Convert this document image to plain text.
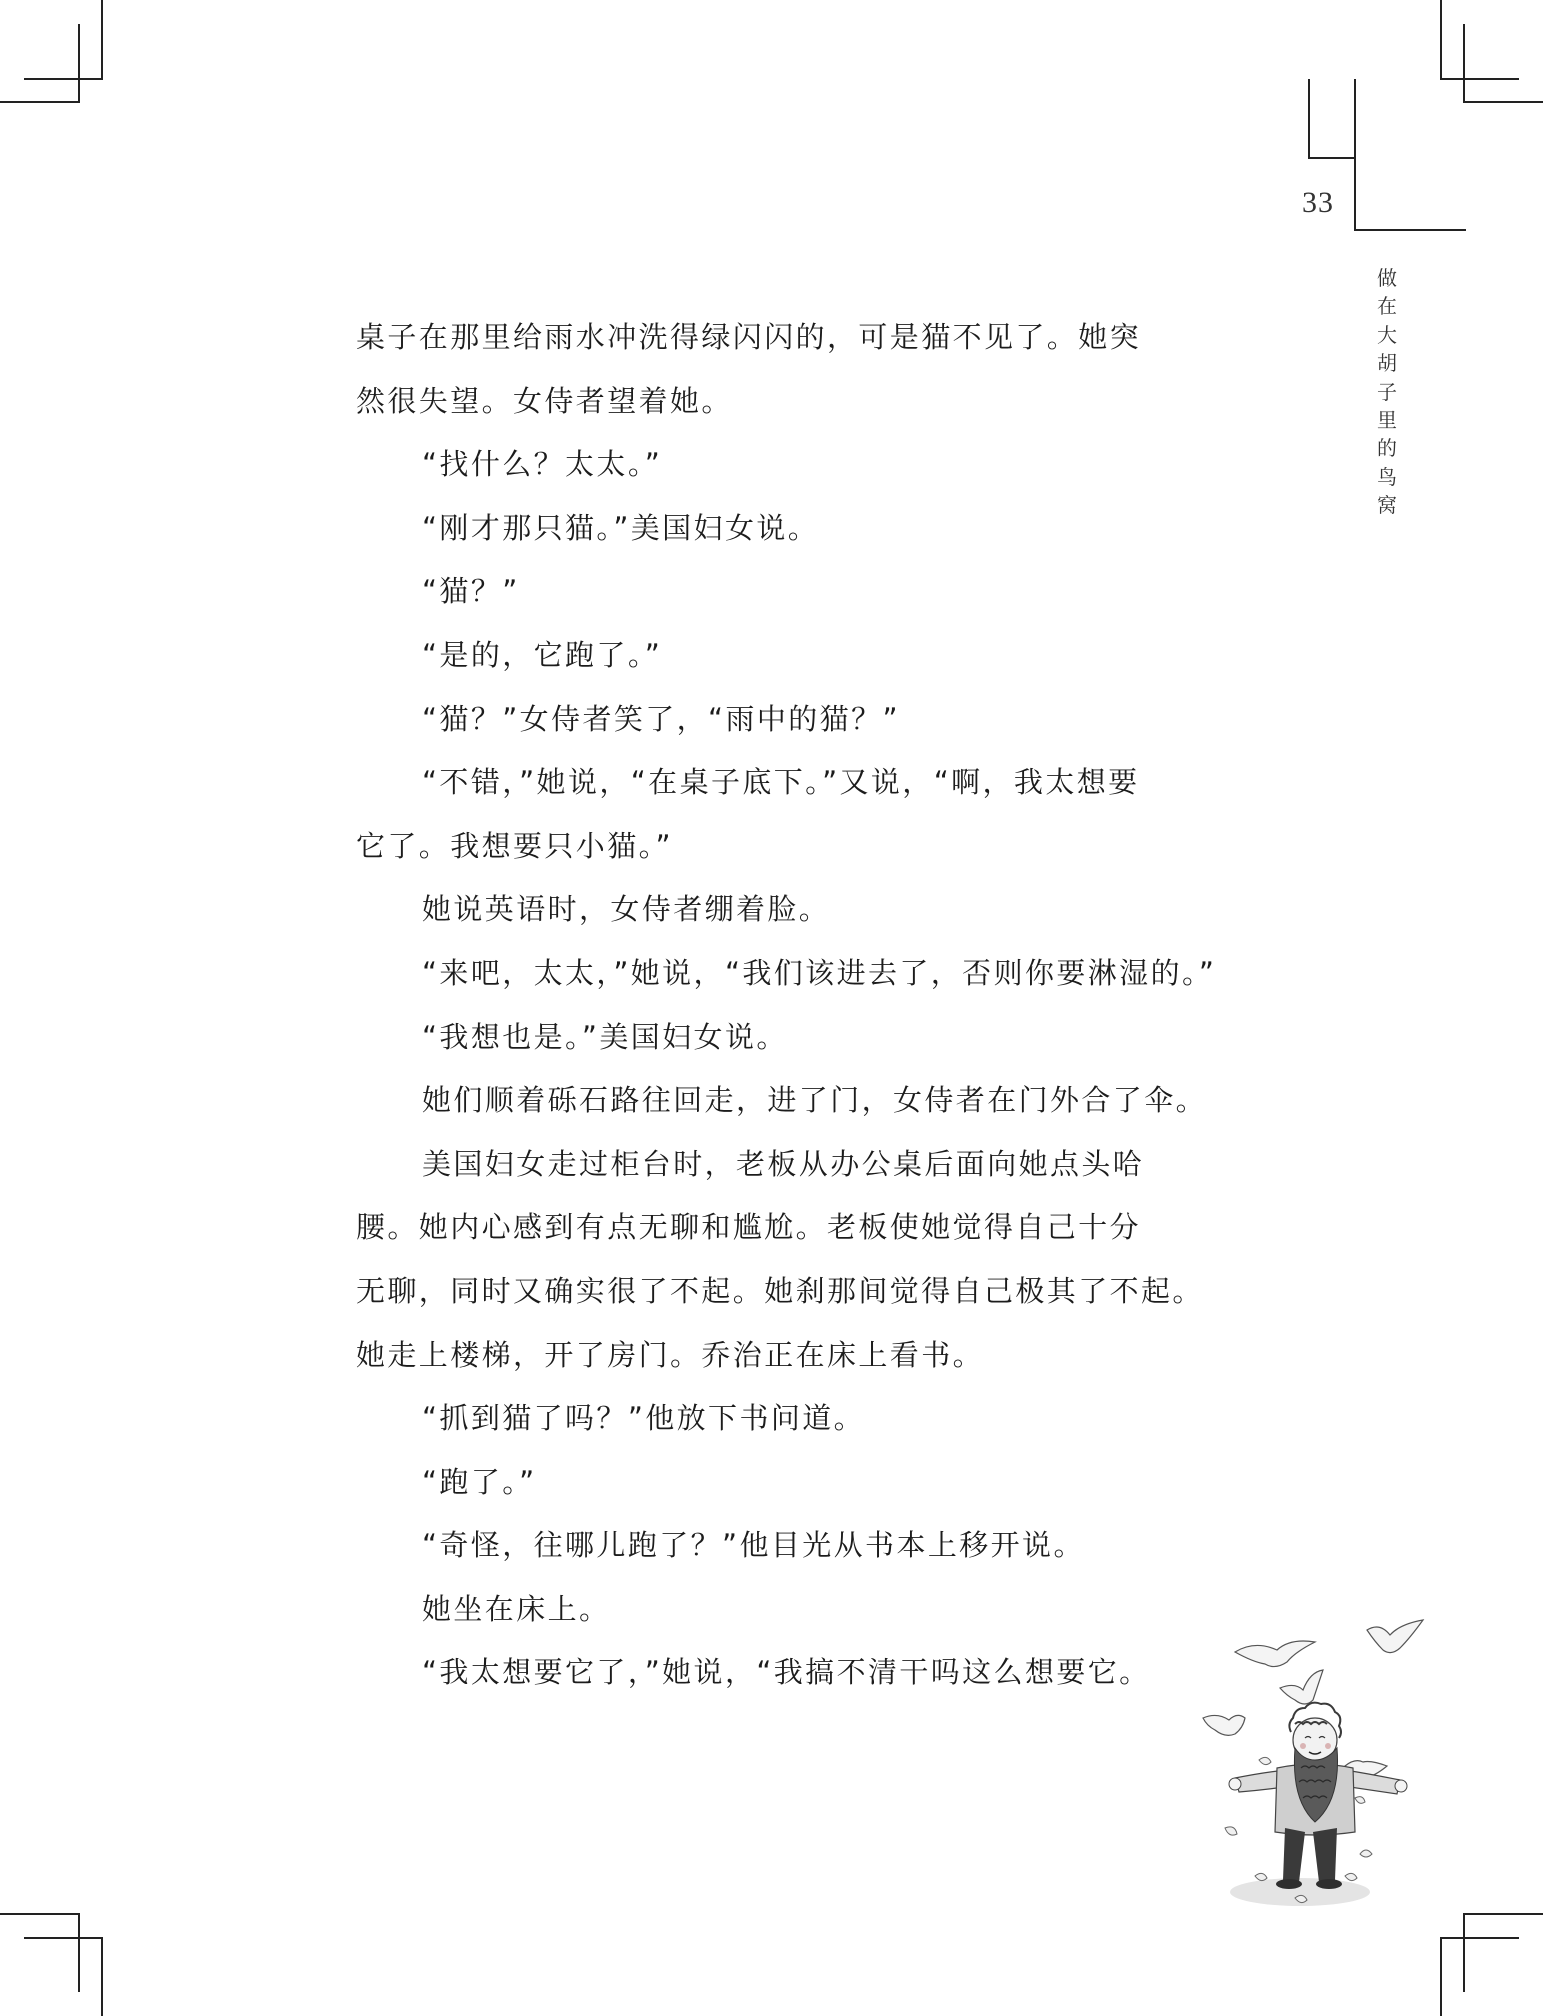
33
做
在
大
胡
子
里
的
鸟
窝

桌子在那里给雨水冲洗得绿闪闪的，可是猫不见了。她突

然很失望。女侍者望着她。

“找什么？太太。”

“刚才那只猫。”美国妇女说。

“猫？”

“是的，它跑了。”

“猫？”女侍者笑了，“雨中的猫？”

“不错，”她说，“在桌子底下。”又说，“啊，我太想要

它了。我想要只小猫。”

她说英语时，女侍者绷着脸。

“来吧，太太，”她说，“我们该进去了，否则你要淋湿的。”

“我想也是。”美国妇女说。

她们顺着砾石路往回走，进了门，女侍者在门外合了伞。

美国妇女走过柜台时，老板从办公桌后面向她点头哈

腰。她内心感到有点无聊和尴尬。老板使她觉得自己十分

无聊，同时又确实很了不起。她刹那间觉得自己极其了不起。

她走上楼梯，开了房门。乔治正在床上看书。

“抓到猫了吗？”他放下书问道。

“跑了。”

“奇怪，往哪儿跑了？”他目光从书本上移开说。

她坐在床上。

“我太想要它了，”她说，“我搞不清干吗这么想要它。
